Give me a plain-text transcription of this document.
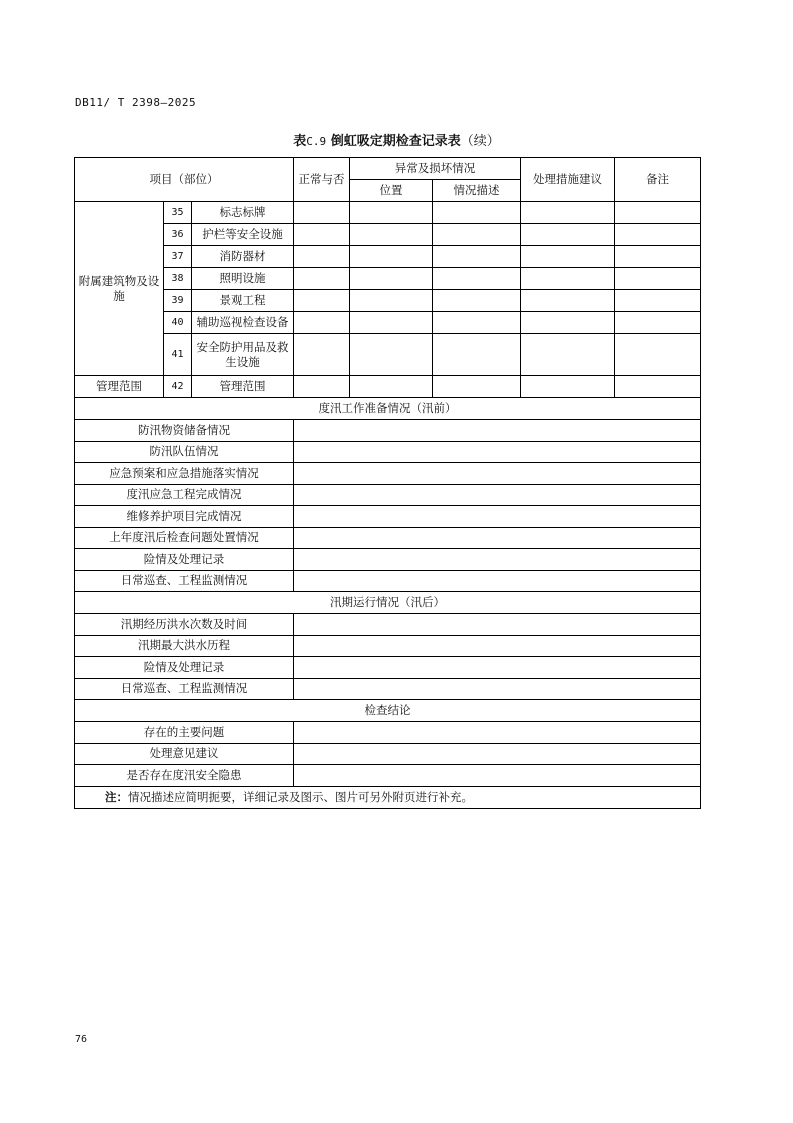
DB11/ T 2398—2025
表C.9 倒虹吸定期检查记录表（续）
项目（部位）			正常与否	异常及损坏情况		处理措施建议	备注
				位置	情况描述		
附属建筑物及设施	35	标志标牌					
	36	护栏等安全设施					
	37	消防器材					
	38	照明设施					
	39	景观工程					
	40	辅助巡视检查设备					
	41	安全防护用品及救生设施					
管理范围	42	管理范围					
度汛工作准备情况（汛前）							
防汛物资储备情况							
防汛队伍情况							
应急预案和应急措施落实情况							
度汛应急工程完成情况							
维修养护项目完成情况							
上年度汛后检查问题处置情况							
险情及处理记录							
日常巡查、工程监测情况							
汛期运行情况（汛后）							
汛期经历洪水次数及时间							
汛期最大洪水历程							
险情及处理记录							
日常巡查、工程监测情况							
检查结论							
存在的主要问题							
处理意见建议							
是否存在度汛安全隐患							
注：情况描述应简明扼要，详细记录及图示、图片可另外附页进行补充。							
76
